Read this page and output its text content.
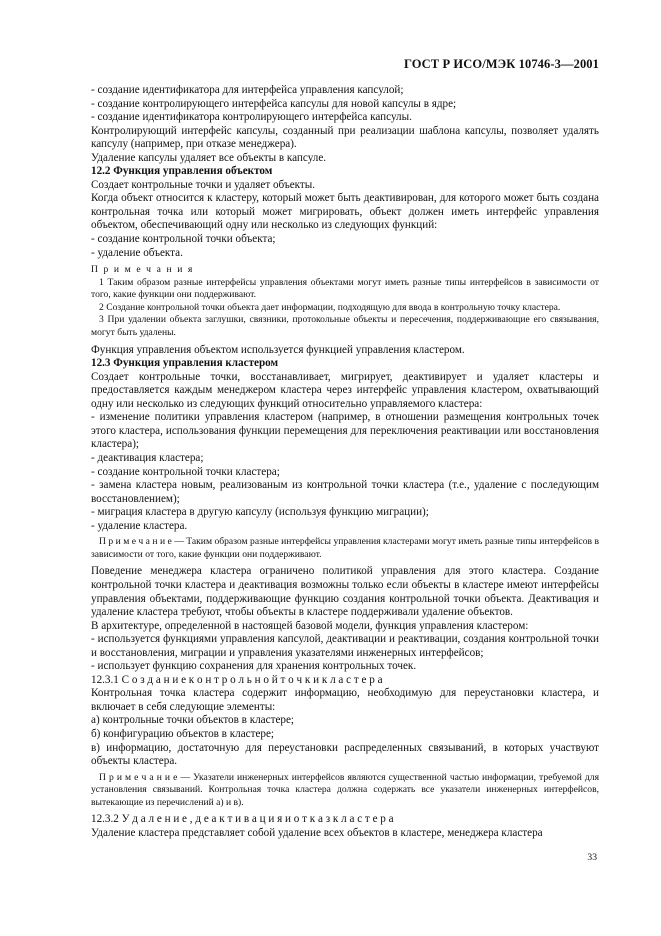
ГОСТ Р ИСО/МЭК 10746-3—2001

- создание идентификатора для интерфейса управления капсулой;

- создание контролирующего интерфейса капсулы для новой капсулы в ядре;

- создание идентификатора контролирующего интерфейса капсулы.

Контролирующий интерфейс капсулы, созданный при реализации шаблона капсулы, позволяет удалять капсулу (например, при отказе менеджера).

Удаление капсулы удаляет все объекты в капсуле.

12.2 Функция управления объектом

Создает контрольные точки и удаляет объекты.

Когда объект относится к кластеру, который может быть деактивирован, для которого может быть создана контрольная точка или который может мигрировать, объект должен иметь интерфейс управления объектом, обеспечивающий одну или несколько из следующих функций:

- создание контрольной точки объекта;

- удаление объекта.

П р и м е ч а н и я

1 Таким образом разные интерфейсы управления объектами могут иметь разные типы интерфейсов в зависимости от того, какие функции они поддерживают.

2 Создание контрольной точки объекта дает информации, подходящую для ввода в контрольную точку кластера.

3 При удалении объекта заглушки, связники, протокольные объекты и пересечения, поддерживающие его связывания, могут быть удалены.

Функция управления объектом используется функцией управления кластером.

12.3 Функция управления кластером

Создает контрольные точки, восстанавливает, мигрирует, деактивирует и удаляет кластеры и предоставляется каждым менеджером кластера через интерфейс управления кластером, охватывающий одну или несколько из следующих функций относительно управляемого кластера:

- изменение политики управления кластером (например, в отношении размещения контрольных точек этого кластера, использования функции перемещения для переключения реактивации или восстановления кластера);

- деактивация кластера;

- создание контрольной точки кластера;

- замена кластера новым, реализованым из контрольной точки кластера (т.е., удаление с последующим восстановлением);

- миграция кластера в другую капсулу (используя функцию миграции);

- удаление кластера.

П р и м е ч а н и е — Таким образом разные интерфейсы управления кластерами могут иметь разные типы интерфейсов в зависимости от того, какие функции они поддерживают.

Поведение менеджера кластера ограничено политикой управления для этого кластера. Создание контрольной точки кластера и деактивация возможны только если объекты в кластере имеют интерфейсы управления объектами, поддерживающие функцию создания контрольной точки объекта. Деактивация и удаление кластера требуют, чтобы объекты в кластере поддерживали удаление объектов.

В архитектуре, определенной в настоящей базовой модели, функция управления кластером:

- используется функциями управления капсулой, деактивации и реактивации, создания контрольной точки и восстановления, миграции и управления указателями инженерных интерфейсов;

- использует функцию сохранения для хранения контрольных точек.

12.3.1 С о з д а н и е к о н т р о л ь н о й т о ч к и к л а с т е р а

Контрольная точка кластера содержит информацию, необходимую для переустановки кластера, и включает в себя следующие элементы:

а) контрольные точки объектов в кластере;

б) конфигурацию объектов в кластере;

в) информацию, достаточную для переустановки распределенных связываний, в которых участвуют объекты кластера.

П р и м е ч а н и е — Указатели инженерных интерфейсов являются существенной частью информации, требуемой для установления связываний. Контрольная точка кластера должна содержать все указатели инженерных интерфейсов, вытекающие из перечислений а) и в).

12.3.2 У д а л е н и е , д е а к т и в а ц и я и о т к а з к л а с т е р а

Удаление кластера представляет собой удаление всех объектов в кластере, менеджера кластера

33
